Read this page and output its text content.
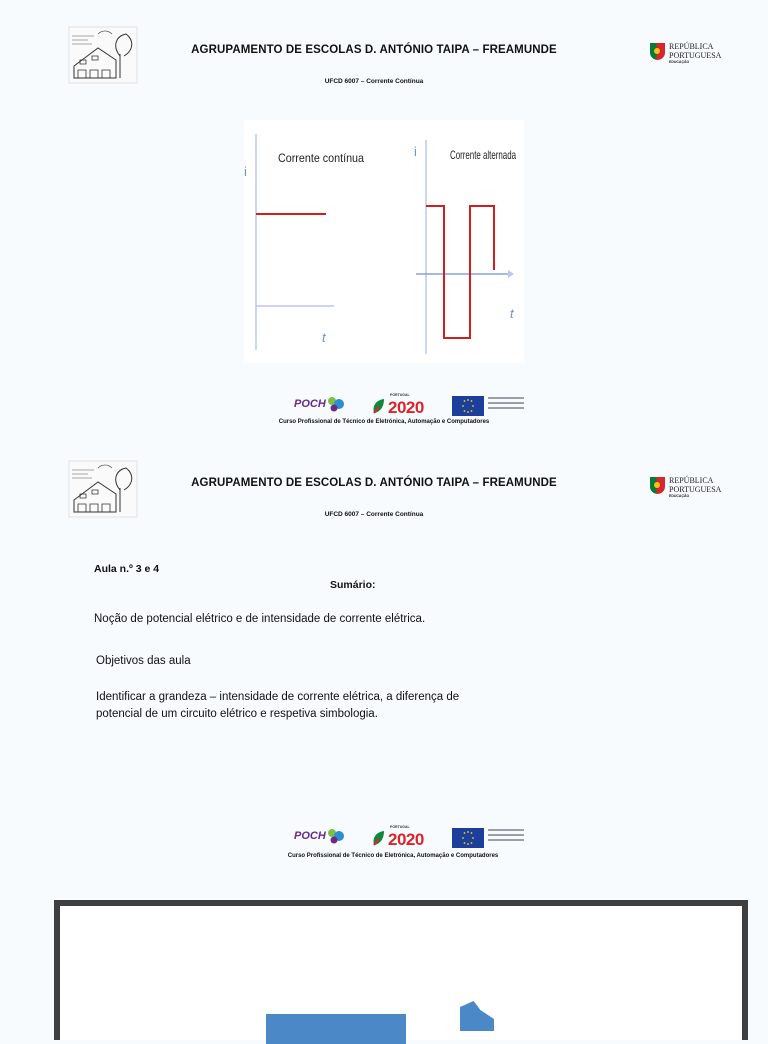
AGRUPAMENTO DE ESCOLAS D. ANTÓNIO TAIPA – FREAMUNDE
UFCD 6007 – Corrente Contínua
REPÚBLICA
PORTUGUESA
EDUCAÇÃO
i
t
Corrente contínua	i
t
Corrente alternada
POCH
PORTUGAL
2020
Curso Profissional de Técnico de Eletrónica, Automação e Computadores
AGRUPAMENTO DE ESCOLAS D. ANTÓNIO TAIPA – FREAMUNDE
UFCD 6007 – Corrente Contínua
REPÚBLICA
PORTUGUESA
EDUCAÇÃO
Aula n.º 3 e 4
Sumário:
Noção de potencial elétrico e de intensidade de corrente elétrica.
Objetivos das aula
Identificar a grandeza – intensidade de corrente elétrica, a diferença de
potencial de um circuito elétrico e respetiva simbologia.
POCH
PORTUGAL
2020
Curso Profissional de Técnico de Eletrónica, Automação e Computadores
